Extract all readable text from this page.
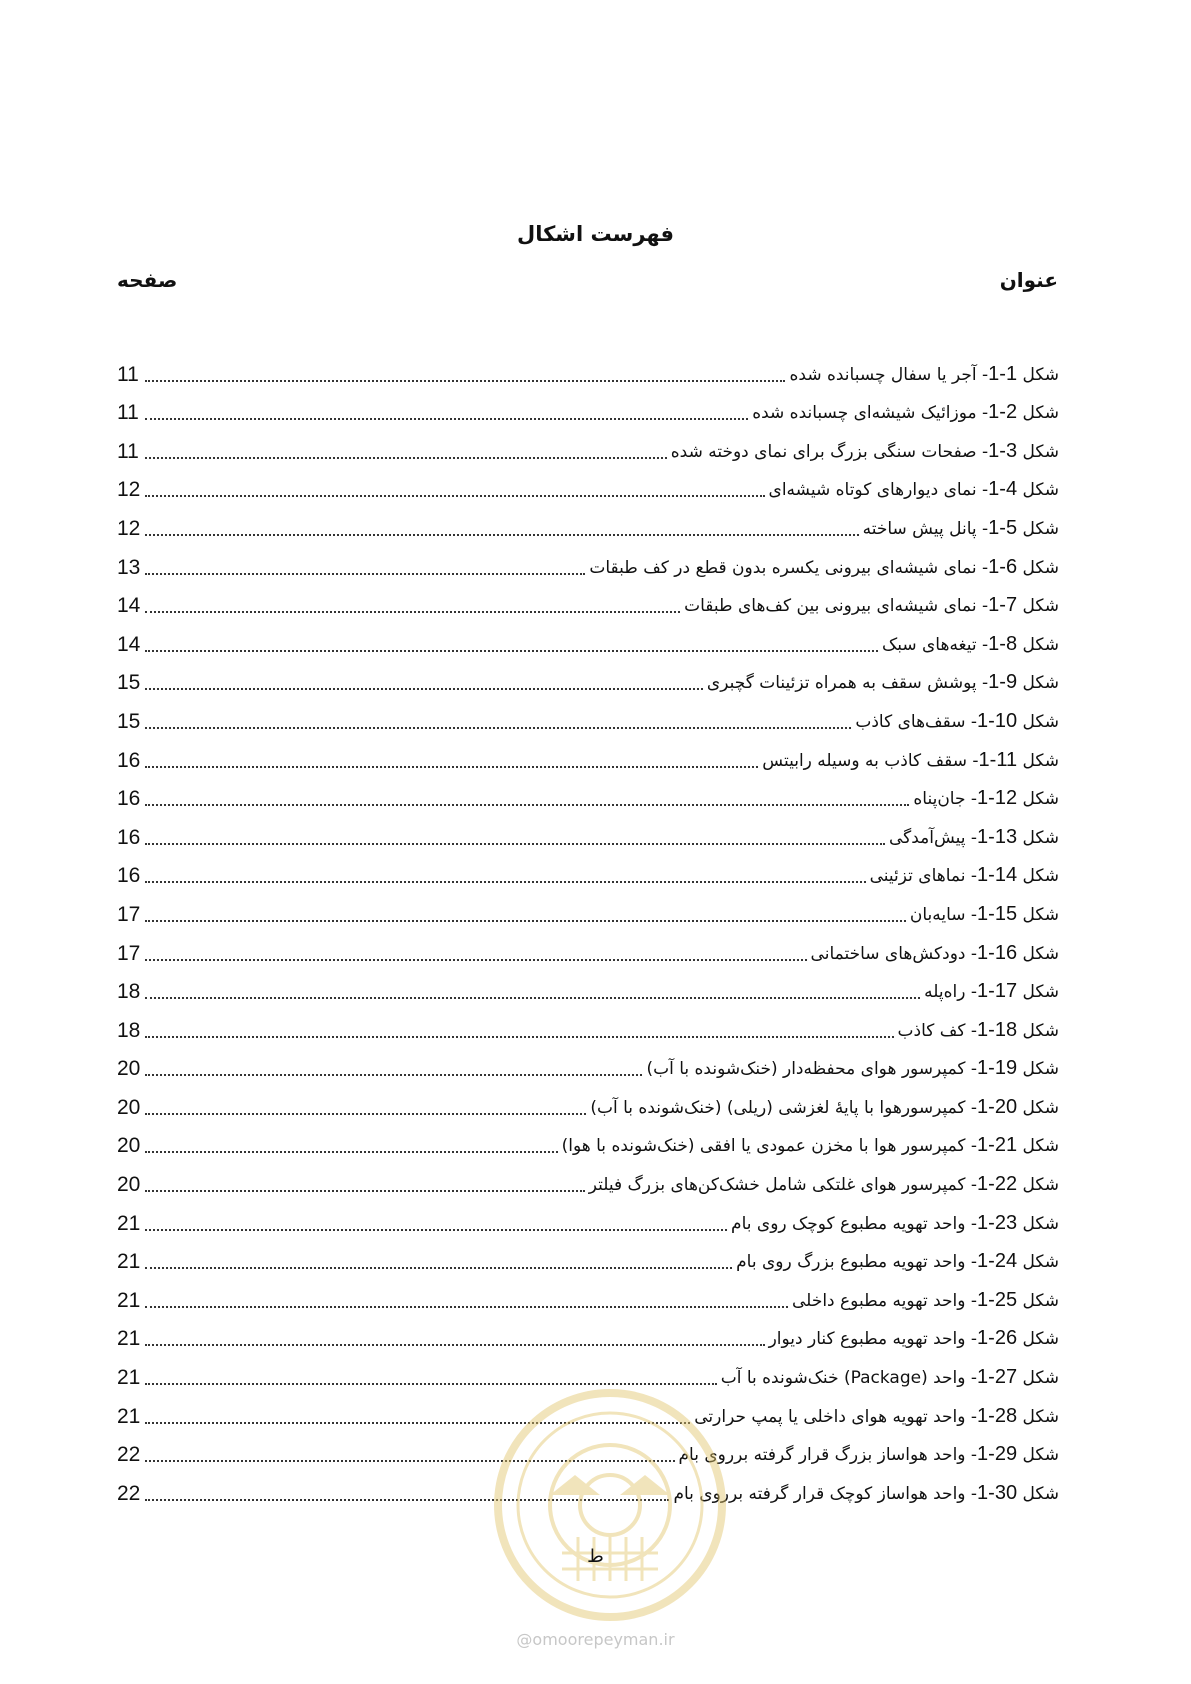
فهرست اشکال
عنوان
صفحه
11	شکل 1-1- آجر یا سفال چسبانده شده
11	شکل 1-2- موزائیک شیشه‌ای چسبانده شده
11	شکل 1-3- صفحات سنگی بزرگ برای نمای دوخته شده
12	شکل 1-4- نمای دیوارهای کوتاه شیشه‌ای
12	شکل 1-5- پانل پیش ساخته
13	شکل 1-6- نمای شیشه‌ای بیرونی یکسره بدون قطع در کف طبقات
14	شکل 1-7- نمای شیشه‌ای بیرونی بین کف‌های طبقات
14	شکل 1-8- تیغه‌های سبک
15	شکل 1-9- پوشش سقف به همراه تزئینات گچبری
15	شکل 1-10- سقف‌های کاذب
16	شکل 1-11- سقف کاذب به وسیله رابیتس
16	شکل 1-12- جان‌پناه
16	شکل 1-13- پیش‌آمدگی
16	شکل 1-14- نماهای تزئینی
17	شکل 1-15- سایه‌بان
17	شکل 1-16- دودکش‌های ساختمانی
18	شکل 1-17- راه‌پله
18	شکل 1-18- کف کاذب
20	شکل 1-19- کمپرسور هوای محفظه‌دار (خنک‌شونده با آب)
20	شکل 1-20- کمپرسورهوا با پایهٔ لغزشی (ریلی) (خنک‌شونده با آب)
20	شکل 1-21- کمپرسور هوا با مخزن عمودی یا افقی (خنک‌شونده با هوا)
20	شکل 1-22- کمپرسور هوای غلتکی شامل خشک‌کن‌های بزرگ فیلتر
21	شکل 1-23- واحد تهویه مطبوع کوچک روی بام
21	شکل 1-24- واحد تهویه مطبوع بزرگ روی بام
21	شکل 1-25- واحد تهویه مطبوع داخلی
21	شکل 1-26- واحد تهویه مطبوع کنار دیوار
21	شکل 1-27- واحد (Package) خنک‌شونده با آب
21	شکل 1-28- واحد تهویه هوای داخلی یا پمپ حرارتی
22	شکل 1-29- واحد هواساز بزرگ قرار گرفته برروی بام
22	شکل 1-30- واحد هواساز کوچک قرار گرفته برروی بام
ط
@omoorepeyman.ir
